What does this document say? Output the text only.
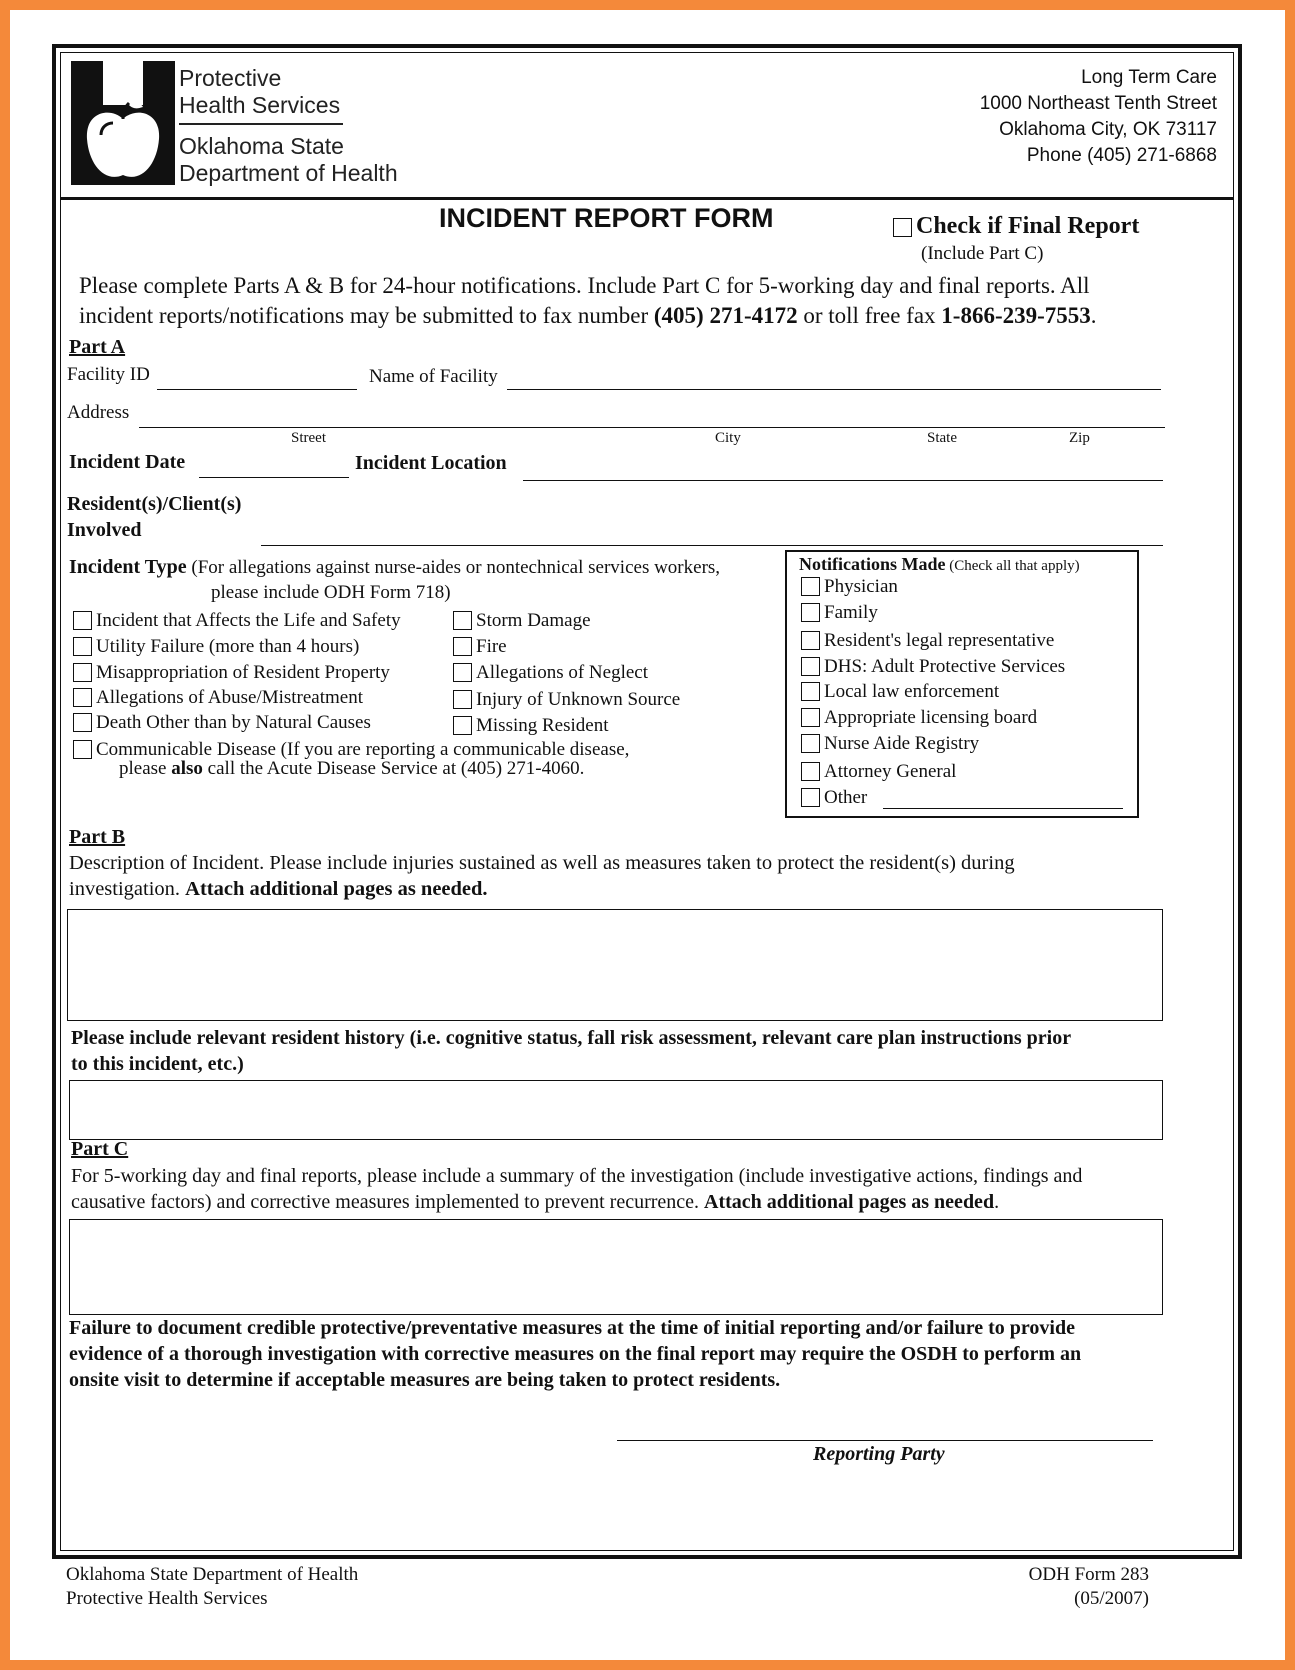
Protective
Health Services
Oklahoma State
Department of Health
Long Term Care
1000 Northeast Tenth Street
Oklahoma City, OK 73117
Phone (405) 271-6868
INCIDENT REPORT FORM	Check if Final Report
(Include Part C)
Please complete Parts A & B for 24-hour notifications. Include Part C for 5-working day and final reports. All
incident reports/notifications may be submitted to fax number (405) 271-4172 or toll free fax 1-866-239-7553.
Part A
Facility ID	Name of Facility
Address
Street	City	State	Zip
Incident Date	Incident Location
Resident(s)/Client(s)
Involved
Incident Type (For allegations against nurse-aides or nontechnical services workers,
please include ODH Form 718)
Incident that Affects the Life and Safety
Utility Failure (more than 4 hours)
Misappropriation of Resident Property
Allegations of Abuse/Mistreatment
Death Other than by Natural Causes
Communicable Disease (If you are reporting a communicable disease,
please also call the Acute Disease Service at (405) 271-4060.
Storm Damage
Fire
Allegations of Neglect
Injury of Unknown Source
Missing Resident
Notifications Made (Check all that apply)
Physician
Family
Resident's legal representative
DHS: Adult Protective Services
Local law enforcement
Appropriate licensing board
Nurse Aide Registry
Attorney General
Other
Part B
Description of Incident. Please include injuries sustained as well as measures taken to protect the resident(s) during
investigation. Attach additional pages as needed.
Please include relevant resident history (i.e. cognitive status, fall risk assessment, relevant care plan instructions prior
to this incident, etc.)
Part C
For 5-working day and final reports, please include a summary of the investigation (include investigative actions, findings and
causative factors) and corrective measures implemented to prevent recurrence. Attach additional pages as needed.
Failure to document credible protective/preventative measures at the time of initial reporting and/or failure to provide
evidence of a thorough investigation with corrective measures on the final report may require the OSDH to perform an
onsite visit to determine if acceptable measures are being taken to protect residents.
Reporting Party
Oklahoma State Department of Health
Protective Health Services
ODH Form 283
(05/2007)
